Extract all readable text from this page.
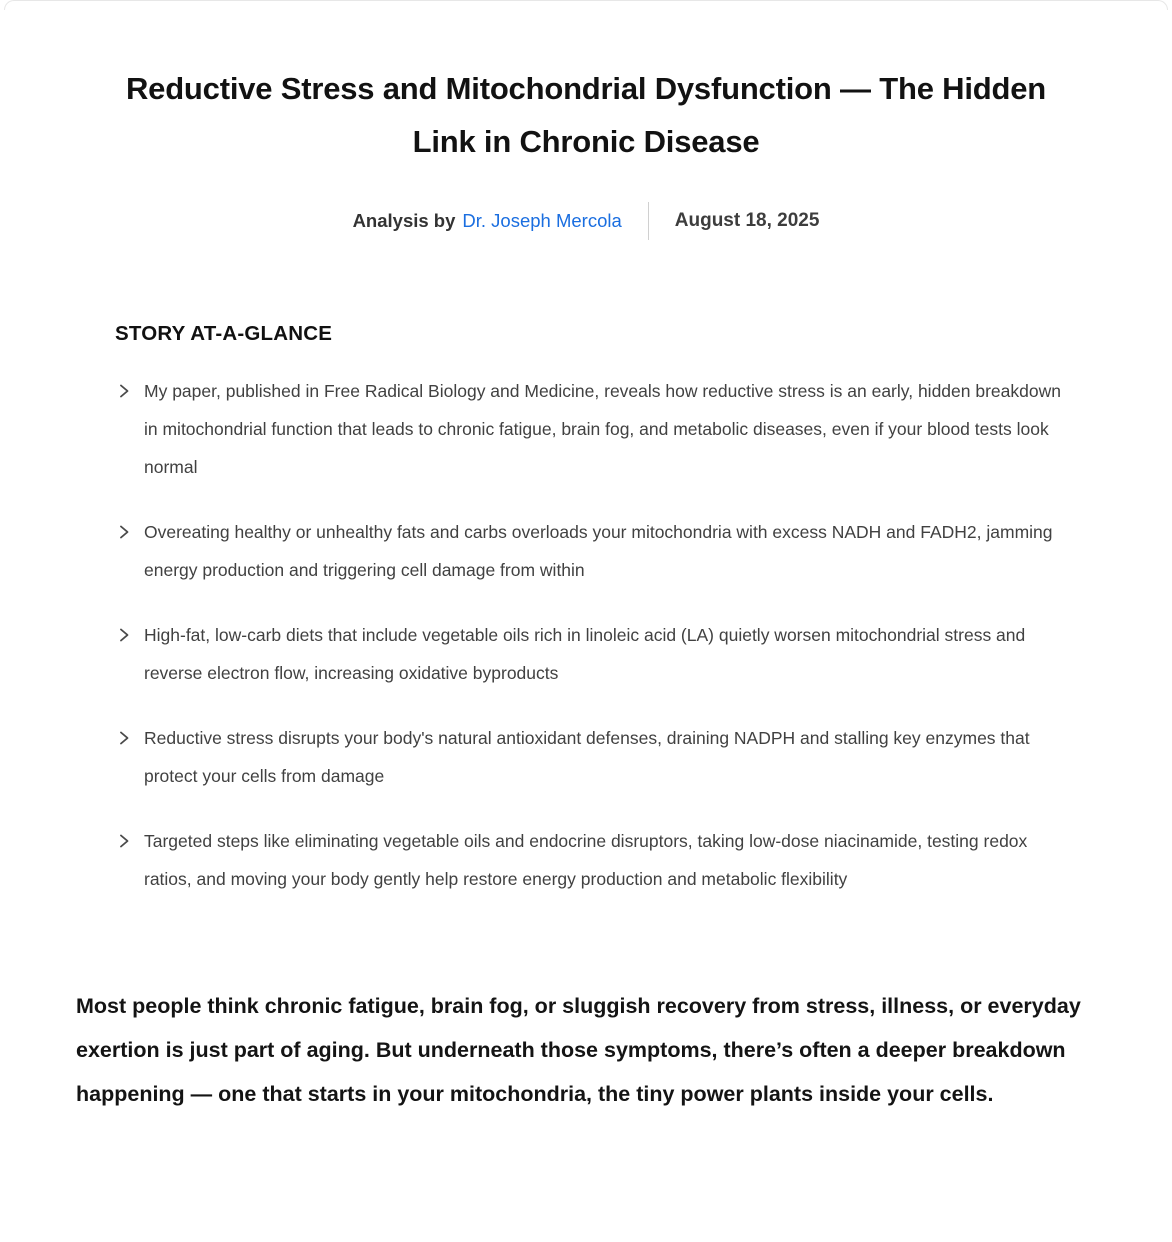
Reductive Stress and Mitochondrial Dysfunction — The Hidden Link in Chronic Disease
Analysis by Dr. Joseph Mercola	August 18, 2025
STORY AT-A-GLANCE
My paper, published in Free Radical Biology and Medicine, reveals how reductive stress is an early, hidden breakdown in mitochondrial function that leads to chronic fatigue, brain fog, and metabolic diseases, even if your blood tests look normal
Overeating healthy or unhealthy fats and carbs overloads your mitochondria with excess NADH and FADH2, jamming energy production and triggering cell damage from within
High-fat, low-carb diets that include vegetable oils rich in linoleic acid (LA) quietly worsen mitochondrial stress and reverse electron flow, increasing oxidative byproducts
Reductive stress disrupts your body's natural antioxidant defenses, draining NADPH and stalling key enzymes that protect your cells from damage
Targeted steps like eliminating vegetable oils and endocrine disruptors, taking low-dose niacinamide, testing redox ratios, and moving your body gently help restore energy production and metabolic flexibility

Most people think chronic fatigue, brain fog, or sluggish recovery from stress, illness, or everyday exertion is just part of aging. But underneath those symptoms, there’s often a deeper breakdown happening — one that starts in your mitochondria, the tiny power plants inside your cells.
